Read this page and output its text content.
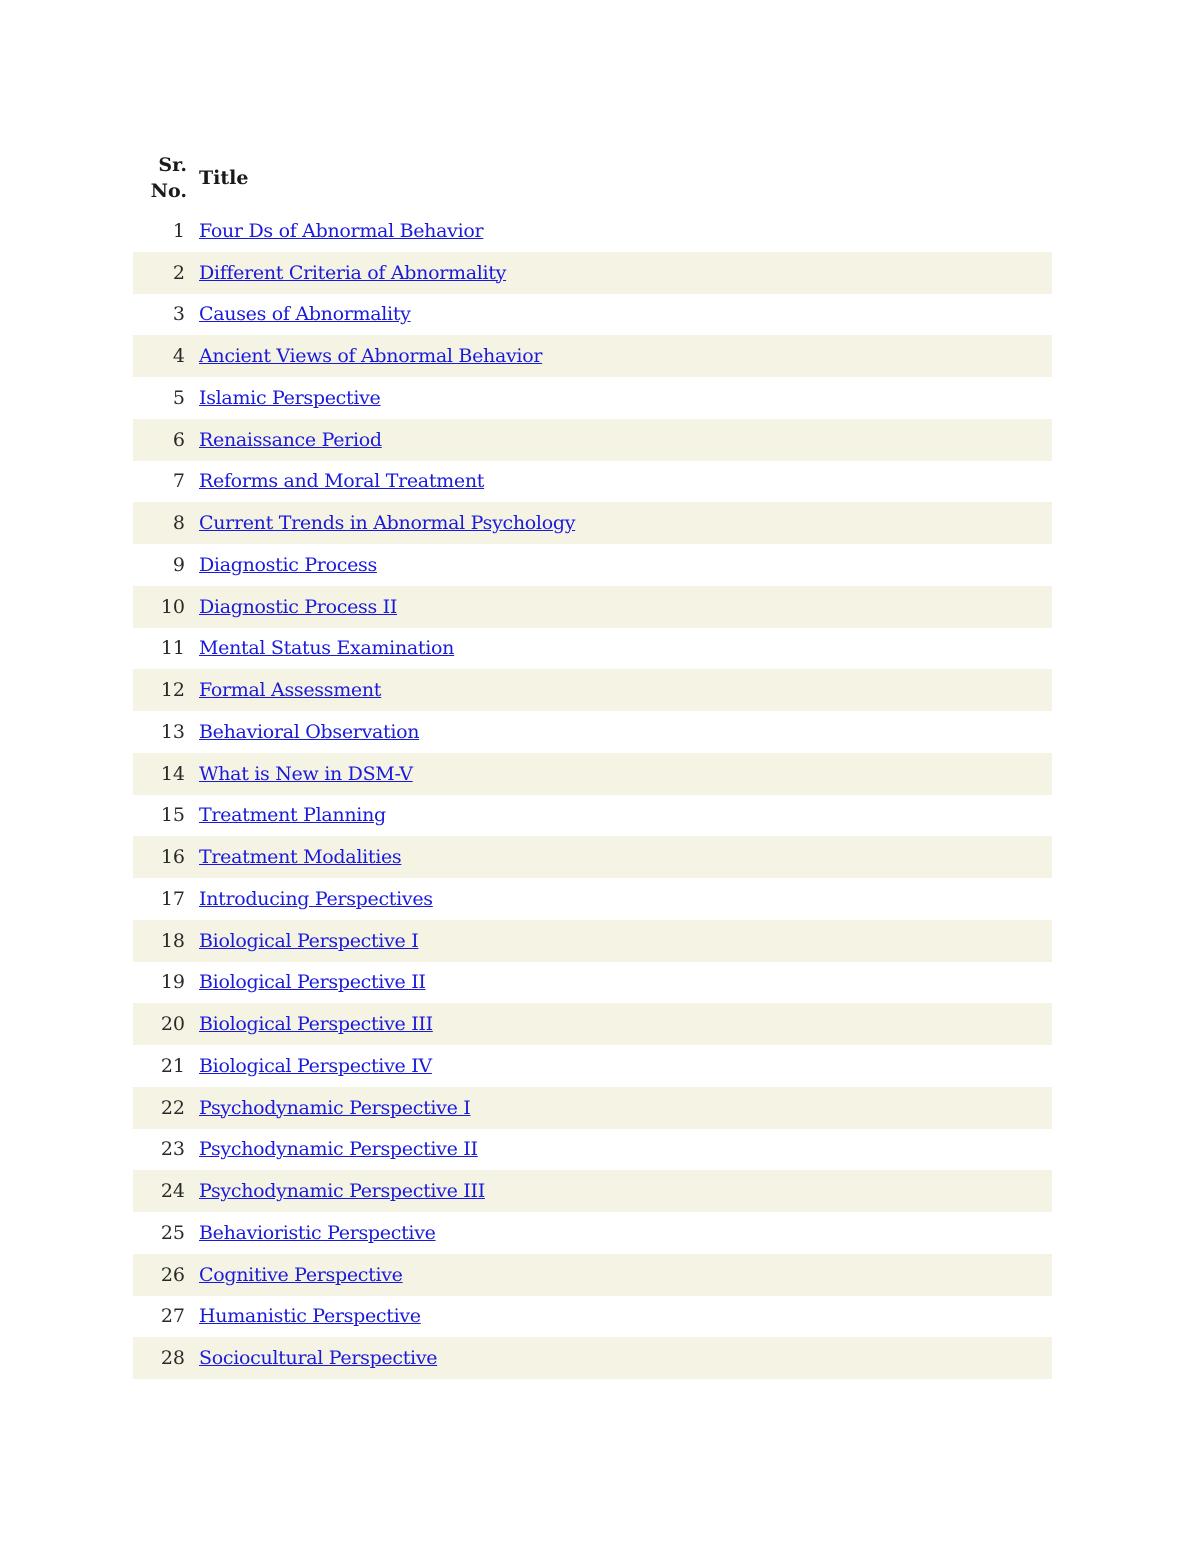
Sr.
No.	Title
1	Four Ds of Abnormal Behavior
2	Different Criteria of Abnormality
3	Causes of Abnormality
4	Ancient Views of Abnormal Behavior
5	Islamic Perspective
6	Renaissance Period
7	Reforms and Moral Treatment
8	Current Trends in Abnormal Psychology
9	Diagnostic Process
10	Diagnostic Process II
11	Mental Status Examination
12	Formal Assessment
13	Behavioral Observation
14	What is New in DSM-V
15	Treatment Planning
16	Treatment Modalities
17	Introducing Perspectives
18	Biological Perspective I
19	Biological Perspective II
20	Biological Perspective III
21	Biological Perspective IV
22	Psychodynamic Perspective I
23	Psychodynamic Perspective II
24	Psychodynamic Perspective III
25	Behavioristic Perspective
26	Cognitive Perspective
27	Humanistic Perspective
28	Sociocultural Perspective
